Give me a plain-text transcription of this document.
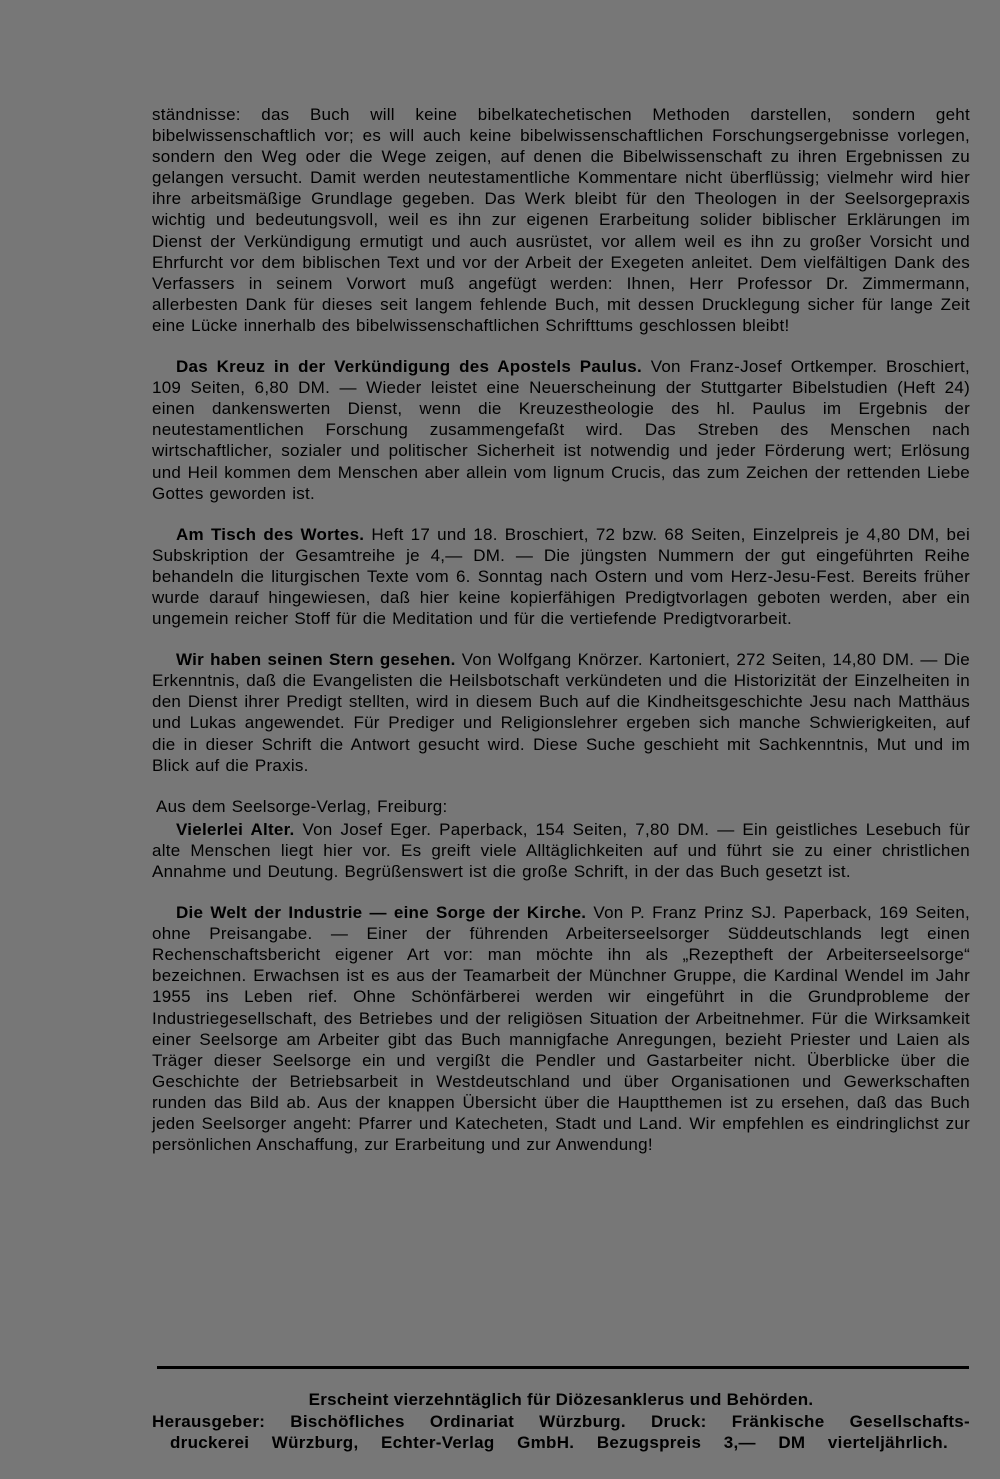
ständnisse: das Buch will keine bibelkatechetischen Methoden darstellen, sondern geht bibelwissenschaftlich vor; es will auch keine bibelwissenschaftlichen Forschungsergebnisse vorlegen, sondern den Weg oder die Wege zeigen, auf denen die Bibelwissenschaft zu ihren Ergebnissen zu gelangen versucht. Damit werden neutestamentliche Kommentare nicht überflüssig; vielmehr wird hier ihre arbeitsmäßige Grundlage gegeben. Das Werk bleibt für den Theologen in der Seelsorgepraxis wichtig und bedeutungsvoll, weil es ihn zur eigenen Erarbeitung solider biblischer Erklärungen im Dienst der Verkündigung ermutigt und auch ausrüstet, vor allem weil es ihn zu großer Vorsicht und Ehrfurcht vor dem biblischen Text und vor der Arbeit der Exegeten anleitet. Dem vielfältigen Dank des Verfassers in seinem Vorwort muß angefügt werden: Ihnen, Herr Professor Dr. Zimmermann, allerbesten Dank für dieses seit langem fehlende Buch, mit dessen Drucklegung sicher für lange Zeit eine Lücke innerhalb des bibelwissenschaftlichen Schrifttums geschlossen bleibt!

Das Kreuz in der Verkündigung des Apostels Paulus. Von Franz-Josef Ortkemper. Broschiert, 109 Seiten, 6,80 DM. — Wieder leistet eine Neuerscheinung der Stuttgarter Bibelstudien (Heft 24) einen dankenswerten Dienst, wenn die Kreuzestheologie des hl. Paulus im Ergebnis der neutestamentlichen Forschung zusammengefaßt wird. Das Streben des Menschen nach wirtschaftlicher, sozialer und politischer Sicherheit ist notwendig und jeder Förderung wert; Erlösung und Heil kommen dem Menschen aber allein vom lignum Crucis, das zum Zeichen der rettenden Liebe Gottes geworden ist.

Am Tisch des Wortes. Heft 17 und 18. Broschiert, 72 bzw. 68 Seiten, Einzelpreis je 4,80 DM, bei Subskription der Gesamtreihe je 4,— DM. — Die jüngsten Nummern der gut eingeführten Reihe behandeln die liturgischen Texte vom 6. Sonntag nach Ostern und vom Herz-Jesu-Fest. Bereits früher wurde darauf hingewiesen, daß hier keine kopierfähigen Predigtvorlagen geboten werden, aber ein ungemein reicher Stoff für die Meditation und für die vertiefende Predigtvorarbeit.

Wir haben seinen Stern gesehen. Von Wolfgang Knörzer. Kartoniert, 272 Seiten, 14,80 DM. — Die Erkenntnis, daß die Evangelisten die Heilsbotschaft verkündeten und die Historizität der Einzelheiten in den Dienst ihrer Predigt stellten, wird in diesem Buch auf die Kindheitsgeschichte Jesu nach Matthäus und Lukas angewendet. Für Prediger und Religionslehrer ergeben sich manche Schwierigkeiten, auf die in dieser Schrift die Antwort gesucht wird. Diese Suche geschieht mit Sachkenntnis, Mut und im Blick auf die Praxis.

Aus dem Seelsorge-Verlag, Freiburg:

Vielerlei Alter. Von Josef Eger. Paperback, 154 Seiten, 7,80 DM. — Ein geistliches Lesebuch für alte Menschen liegt hier vor. Es greift viele Alltäglichkeiten auf und führt sie zu einer christlichen Annahme und Deutung. Begrüßenswert ist die große Schrift, in der das Buch gesetzt ist.

Die Welt der Industrie — eine Sorge der Kirche. Von P. Franz Prinz SJ. Paperback, 169 Seiten, ohne Preisangabe. — Einer der führenden Arbeiterseelsorger Süddeutschlands legt einen Rechenschaftsbericht eigener Art vor: man möchte ihn als „Rezeptheft der Arbeiterseelsorge“ bezeichnen. Erwachsen ist es aus der Teamarbeit der Münchner Gruppe, die Kardinal Wendel im Jahr 1955 ins Leben rief. Ohne Schönfärberei werden wir eingeführt in die Grundprobleme der Industriegesellschaft, des Betriebes und der religiösen Situation der Arbeitnehmer. Für die Wirksamkeit einer Seelsorge am Arbeiter gibt das Buch mannigfache Anregungen, bezieht Priester und Laien als Träger dieser Seelsorge ein und vergißt die Pendler und Gastarbeiter nicht. Überblicke über die Geschichte der Betriebsarbeit in Westdeutschland und über Organisationen und Gewerkschaften runden das Bild ab. Aus der knappen Übersicht über die Hauptthemen ist zu ersehen, daß das Buch jeden Seelsorger angeht: Pfarrer und Katecheten, Stadt und Land. Wir empfehlen es eindringlichst zur persönlichen Anschaffung, zur Erarbeitung und zur Anwendung!

Erscheint vierzehntäglich für Diözesanklerus und Behörden.
Herausgeber: Bischöfliches Ordinariat Würzburg. Druck: Fränkische Gesellschafts-
druckerei Würzburg, Echter-Verlag GmbH. Bezugspreis 3,— DM vierteljährlich.
